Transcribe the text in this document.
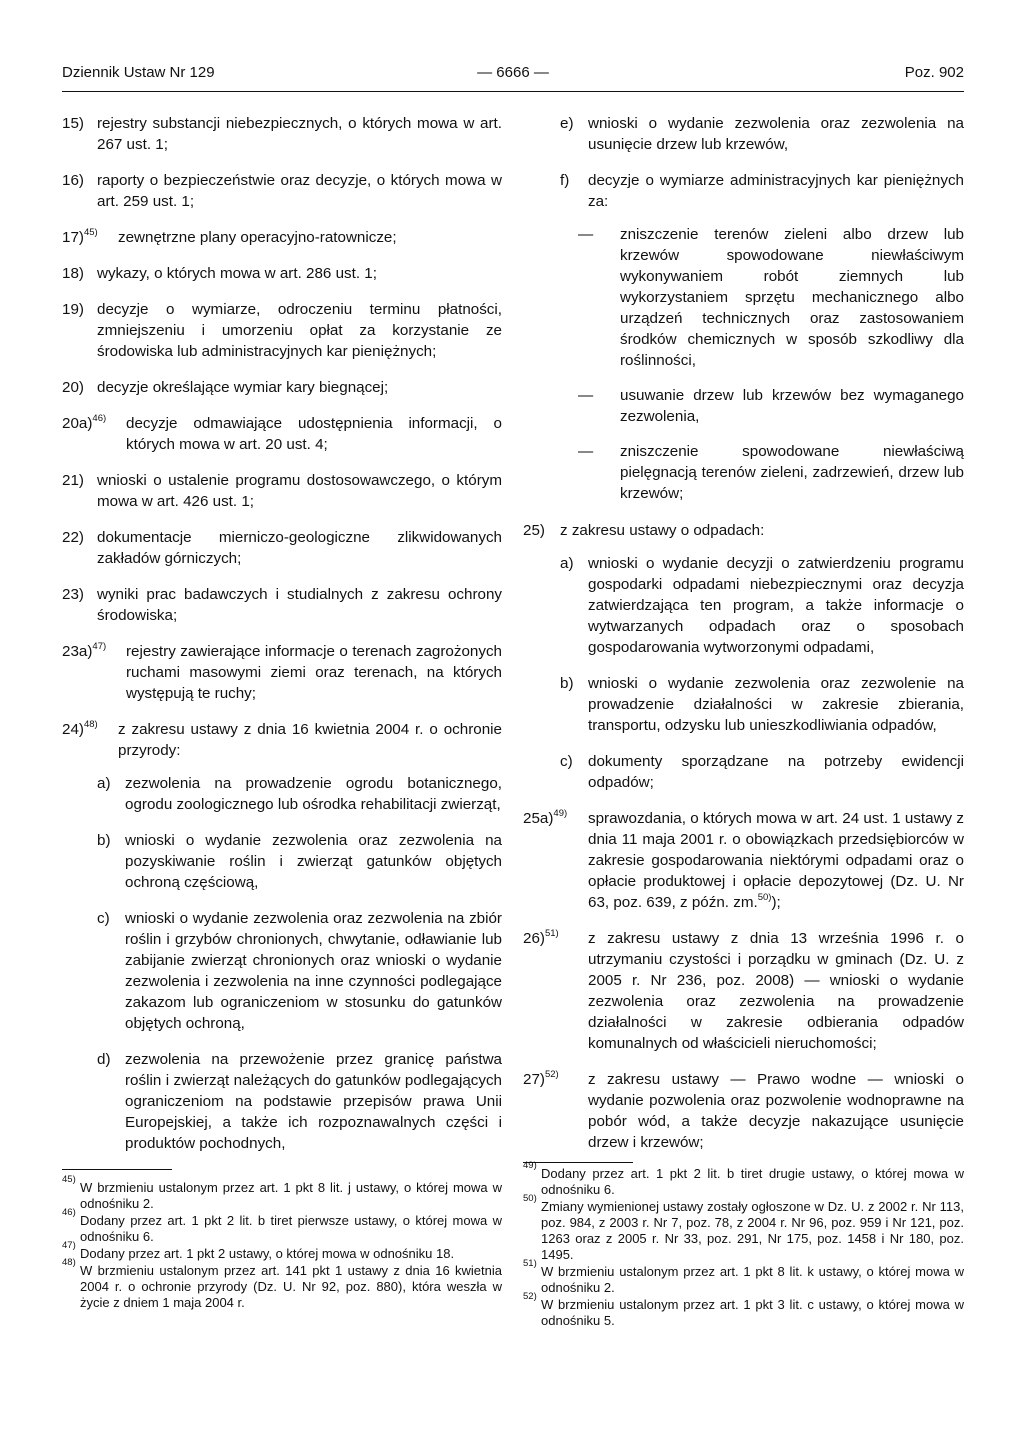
Dziennik Ustaw Nr 129	— 6666 —	Poz. 902
15) rejestry substancji niebezpiecznych, o których mowa w art. 267 ust. 1;
16) raporty o bezpieczeństwie oraz decyzje, o których mowa w art. 259 ust. 1;
17)$^{45)}$ zewnętrzne plany operacyjno-ratownicze;
18) wykazy, o których mowa w art. 286 ust. 1;
19) decyzje o wymiarze, odroczeniu terminu płatności, zmniejszeniu i umorzeniu opłat za korzystanie ze środowiska lub administracyjnych kar pieniężnych;
20) decyzje określające wymiar kary biegnącej;
20a)$^{46)}$ decyzje odmawiające udostępnienia informacji, o których mowa w art. 20 ust. 4;
21) wnioski o ustalenie programu dostosowawczego, o którym mowa w art. 426 ust. 1;
22) dokumentacje mierniczo-geologiczne zlikwidowanych zakładów górniczych;
23) wyniki prac badawczych i studialnych z zakresu ochrony środowiska;
23a)$^{47)}$ rejestry zawierające informacje o terenach zagrożonych ruchami masowymi ziemi oraz terenach, na których występują te ruchy;
24)$^{48)}$ z zakresu ustawy z dnia 16 kwietnia 2004 r. o ochronie przyrody:
a) zezwolenia na prowadzenie ogrodu botanicznego, ogrodu zoologicznego lub ośrodka rehabilitacji zwierząt,
b) wnioski o wydanie zezwolenia oraz zezwolenia na pozyskiwanie roślin i zwierząt gatunków objętych ochroną częściową,
c) wnioski o wydanie zezwolenia oraz zezwolenia na zbiór roślin i grzybów chronionych, chwytanie, odławianie lub zabijanie zwierząt chronionych oraz wnioski o wydanie zezwolenia i zezwolenia na inne czynności podlegające zakazom lub ograniczeniom w stosunku do gatunków objętych ochroną,
d) zezwolenia na przewożenie przez granicę państwa roślin i zwierząt należących do gatunków podlegających ograniczeniom na podstawie przepisów prawa Unii Europejskiej, a także ich rozpoznawalnych części i produktów pochodnych,
e) wnioski o wydanie zezwolenia oraz zezwolenia na usunięcie drzew lub krzewów,
f) decyzje o wymiarze administracyjnych kar pieniężnych za:
— zniszczenie terenów zieleni albo drzew lub krzewów spowodowane niewłaściwym wykonywaniem robót ziemnych lub wykorzystaniem sprzętu mechanicznego albo urządzeń technicznych oraz zastosowaniem środków chemicznych w sposób szkodliwy dla roślinności,
— usuwanie drzew lub krzewów bez wymaganego zezwolenia,
— zniszczenie spowodowane niewłaściwą pielęgnacją terenów zieleni, zadrzewień, drzew lub krzewów;
25) z zakresu ustawy o odpadach:
a) wnioski o wydanie decyzji o zatwierdzeniu programu gospodarki odpadami niebezpiecznymi oraz decyzja zatwierdzająca ten program, a także informacje o wytwarzanych odpadach oraz o sposobach gospodarowania wytworzonymi odpadami,
b) wnioski o wydanie zezwolenia oraz zezwolenie na prowadzenie działalności w zakresie zbierania, transportu, odzysku lub unieszkodliwiania odpadów,
c) dokumenty sporządzane na potrzeby ewidencji odpadów;
25a)$^{49)}$ sprawozdania, o których mowa w art. 24 ust. 1 ustawy z dnia 11 maja 2001 r. o obowiązkach przedsiębiorców w zakresie gospodarowania niektórymi odpadami oraz o opłacie produktowej i opłacie depozytowej (Dz. U. Nr 63, poz. 639, z późn. zm.$^{50)}$);
26)$^{51)}$ z zakresu ustawy z dnia 13 września 1996 r. o utrzymaniu czystości i porządku w gminach (Dz. U. z 2005 r. Nr 236, poz. 2008) — wnioski o wydanie zezwolenia oraz zezwolenia na prowadzenie działalności w zakresie odbierania odpadów komunalnych od właścicieli nieruchomości;
27)$^{52)}$ z zakresu ustawy — Prawo wodne — wnioski o wydanie pozwolenia oraz pozwolenie wodnoprawne na pobór wód, a także decyzje nakazujące usunięcie drzew i krzewów;
45)
W brzmieniu ustalonym przez art. 1 pkt 8 lit. j ustawy, o której mowa w odnośniku 2.
46)
Dodany przez art. 1 pkt 2 lit. b tiret pierwsze ustawy, o której mowa w odnośniku 6.
47)
Dodany przez art. 1 pkt 2 ustawy, o której mowa w odnośniku 18.
48)
W brzmieniu ustalonym przez art. 141 pkt 1 ustawy z dnia 16 kwietnia 2004 r. o ochronie przyrody (Dz. U. Nr 92, poz. 880), która weszła w życie z dniem 1 maja 2004 r.
49)
Dodany przez art. 1 pkt 2 lit. b tiret drugie ustawy, o której mowa w odnośniku 6.
50)
Zmiany wymienionej ustawy zostały ogłoszone w Dz. U. z 2002 r. Nr 113, poz. 984, z 2003 r. Nr 7, poz. 78, z 2004 r. Nr 96, poz. 959 i Nr 121, poz. 1263 oraz z 2005 r. Nr 33, poz. 291, Nr 175, poz. 1458 i Nr 180, poz. 1495.
51)
W brzmieniu ustalonym przez art. 1 pkt 8 lit. k ustawy, o której mowa w odnośniku 2.
52)
W brzmieniu ustalonym przez art. 1 pkt 3 lit. c ustawy, o której mowa w odnośniku 5.
